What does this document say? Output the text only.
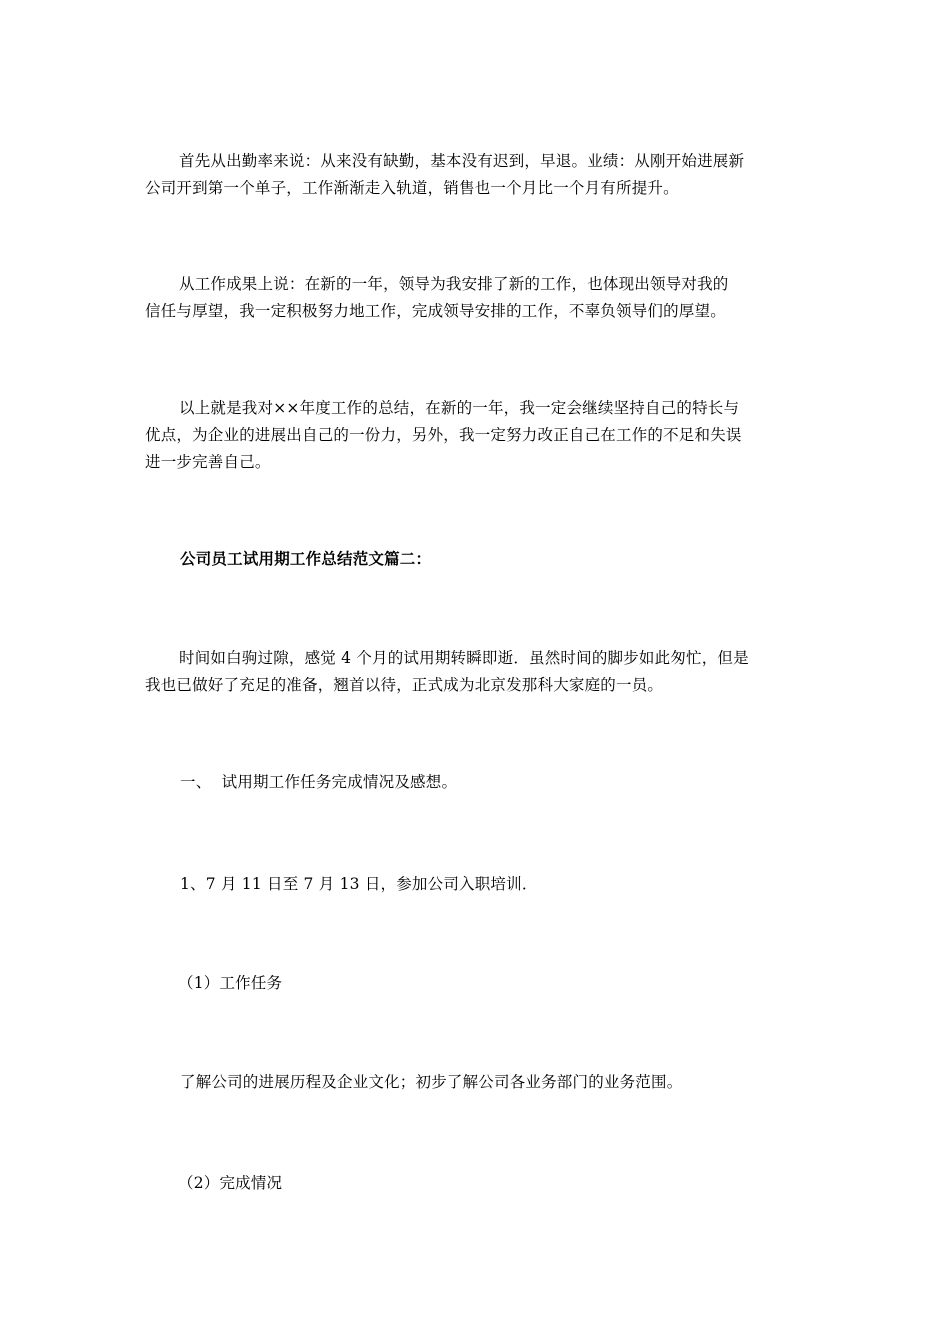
首先从出勤率来说：从来没有缺勤，基本没有迟到，早退。业绩：从刚开始进展新
公司开到第一个单子，工作渐渐走入轨道，销售也一个月比一个月有所提升。

从工作成果上说：在新的一年，领导为我安排了新的工作，也体现出领导对我的
信任与厚望，我一定积极努力地工作，完成领导安排的工作，不辜负领导们的厚望。

以上就是我对××年度工作的总结，在新的一年，我一定会继续坚持自己的特长与
优点，为企业的进展出自己的一份力，另外，我一定努力改正自己在工作的不足和失误
进一步完善自己。

公司员工试用期工作总结范文篇二：

时间如白驹过隙，感觉 4 个月的试用期转瞬即逝．虽然时间的脚步如此匆忙，但是
我也已做好了充足的准备，翘首以待，正式成为北京发那科大家庭的一员。

一、  试用期工作任务完成情况及感想。

1、7 月 11 日至 7 月 13 日，参加公司入职培训．

（1）工作任务

了解公司的进展历程及企业文化；初步了解公司各业务部门的业务范围。

（2）完成情况
